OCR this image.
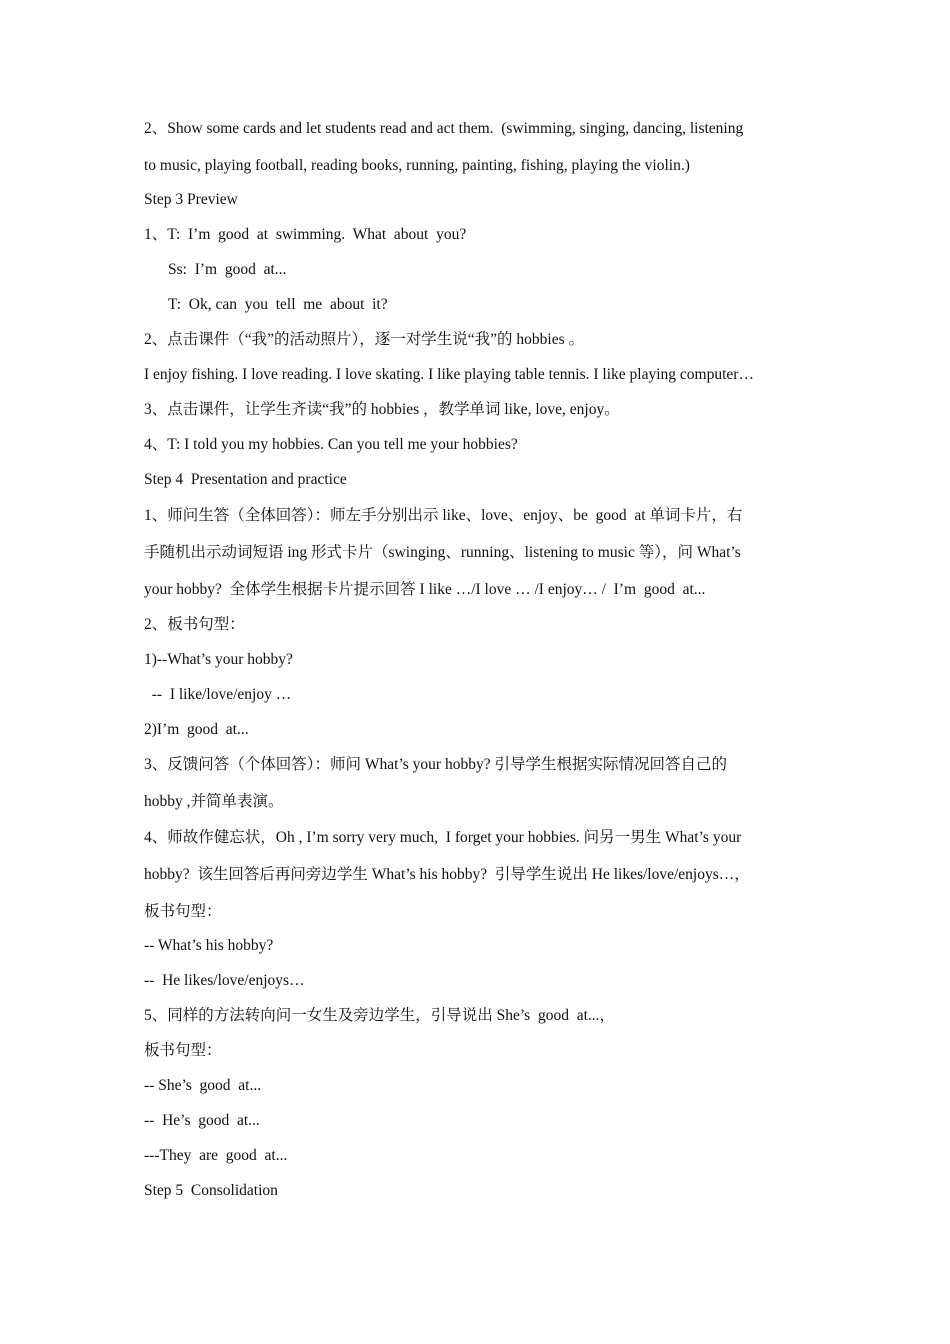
2、Show some cards and let students read and act them.  (swimming, singing, dancing, listening
to music, playing football, reading books, running, painting, fishing, playing the violin.)
Step 3 Preview
1、T:  I’m  good  at  swimming.  What  about  you?
Ss:  I’m  good  at...
T:  Ok, can  you  tell  me  about  it?
2、点击课件（“我”的活动照片），逐一对学生说“我”的 hobbies 。
I enjoy fishing. I love reading. I love skating. I like playing table tennis. I like playing computer…
3、点击课件，让学生齐读“我”的 hobbies ，教学单词 like, love, enjoy。
4、T: I told you my hobbies. Can you tell me your hobbies?
Step 4  Presentation and practice
1、师问生答（全体回答）：师左手分别出示 like、love、enjoy、be  good  at 单词卡片，右
手随机出示动词短语 ing 形式卡片（swinging、running、listening to music 等），问 What’s
your hobby?  全体学生根据卡片提示回答 I like …/I love … /I enjoy… /  I’m  good  at...
2、板书句型：
1)--What’s your hobby?
--  I like/love/enjoy …
2)I’m  good  at...
3、反馈问答（个体回答）：师问 What’s your hobby? 引导学生根据实际情况回答自己的
hobby ,并简单表演。
4、师故作健忘状，Oh , I’m sorry very much,  I forget your hobbies. 问另一男生 What’s your
hobby?  该生回答后再问旁边学生 What’s his hobby?  引导学生说出 He likes/love/enjoys…，
板书句型：
-- What’s his hobby?
--  He likes/love/enjoys…
5、同样的方法转向问一女生及旁边学生，引导说出 She’s  good  at...，
板书句型：
-- She’s  good  at...
--  He’s  good  at...
---They  are  good  at...
Step 5  Consolidation
